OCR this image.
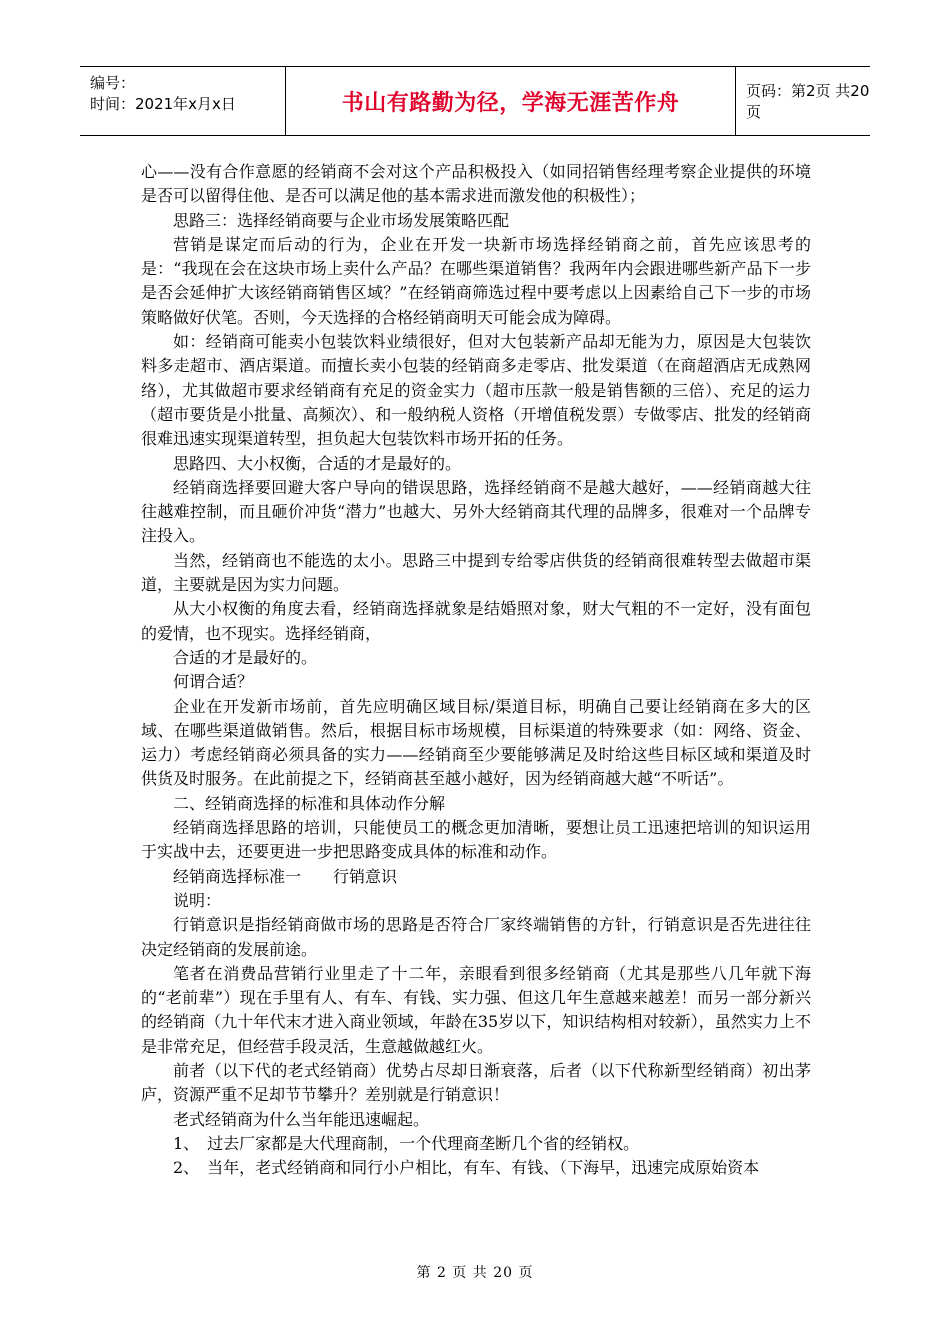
编号：
时间：2021年x月x日	书山有路勤为径，学海无涯苦作舟	页码：第2页 共20页

心——没有合作意愿的经销商不会对这个产品积极投入（如同招销售经理考察企业提供的环境是否可以留得住他、是否可以满足他的基本需求进而激发他的积极性）；

思路三：选择经销商要与企业市场发展策略匹配

营销是谋定而后动的行为，企业在开发一块新市场选择经销商之前，首先应该思考的是：“我现在会在这块市场上卖什么产品？在哪些渠道销售？我两年内会跟进哪些新产品下一步是否会延伸扩大该经销商销售区域？”在经销商筛选过程中要考虑以上因素给自己下一步的市场策略做好伏笔。否则，今天选择的合格经销商明天可能会成为障碍。

如：经销商可能卖小包装饮料业绩很好，但对大包装新产品却无能为力，原因是大包装饮料多走超市、酒店渠道。而擅长卖小包装的经销商多走零店、批发渠道（在商超酒店无成熟网络），尤其做超市要求经销商有充足的资金实力（超市压款一般是销售额的三倍）、充足的运力（超市要货是小批量、高频次）、和一般纳税人资格（开增值税发票）专做零店、批发的经销商很难迅速实现渠道转型，担负起大包装饮料市场开拓的任务。

思路四、大小权衡，合适的才是最好的。

经销商选择要回避大客户导向的错误思路，选择经销商不是越大越好，——经销商越大往往越难控制，而且砸价冲货“潜力”也越大、另外大经销商其代理的品牌多，很难对一个品牌专注投入。

当然，经销商也不能选的太小。思路三中提到专给零店供货的经销商很难转型去做超市渠道，主要就是因为实力问题。

从大小权衡的角度去看，经销商选择就象是结婚照对象，财大气粗的不一定好，没有面包的爱情，也不现实。选择经销商，

合适的才是最好的。

何谓合适？

企业在开发新市场前，首先应明确区域目标/渠道目标，明确自己要让经销商在多大的区域、在哪些渠道做销售。然后，根据目标市场规模，目标渠道的特殊要求（如：网络、资金、运力）考虑经销商必须具备的实力——经销商至少要能够满足及时给这些目标区域和渠道及时供货及时服务。在此前提之下，经销商甚至越小越好，因为经销商越大越“不听话”。

二、经销商选择的标准和具体动作分解

经销商选择思路的培训，只能使员工的概念更加清晰，要想让员工迅速把培训的知识运用于实战中去，还要更进一步把思路变成具体的标准和动作。

经销商选择标准一　　行销意识

说明：

行销意识是指经销商做市场的思路是否符合厂家终端销售的方针，行销意识是否先进往往决定经销商的发展前途。

笔者在消费品营销行业里走了十二年，亲眼看到很多经销商（尤其是那些八几年就下海的“老前辈”）现在手里有人、有车、有钱、实力强、但这几年生意越来越差！而另一部分新兴的经销商（九十年代末才进入商业领域，年龄在35岁以下，知识结构相对较新），虽然实力上不是非常充足，但经营手段灵活，生意越做越红火。

前者（以下代的老式经销商）优势占尽却日渐衰落，后者（以下代称新型经销商）初出茅庐，资源严重不足却节节攀升？差别就是行销意识！

老式经销商为什么当年能迅速崛起。

1、　过去厂家都是大代理商制，一个代理商垄断几个省的经销权。

2、　当年，老式经销商和同行小户相比，有车、有钱、（下海早，迅速完成原始资本

第 2 页 共 20 页
